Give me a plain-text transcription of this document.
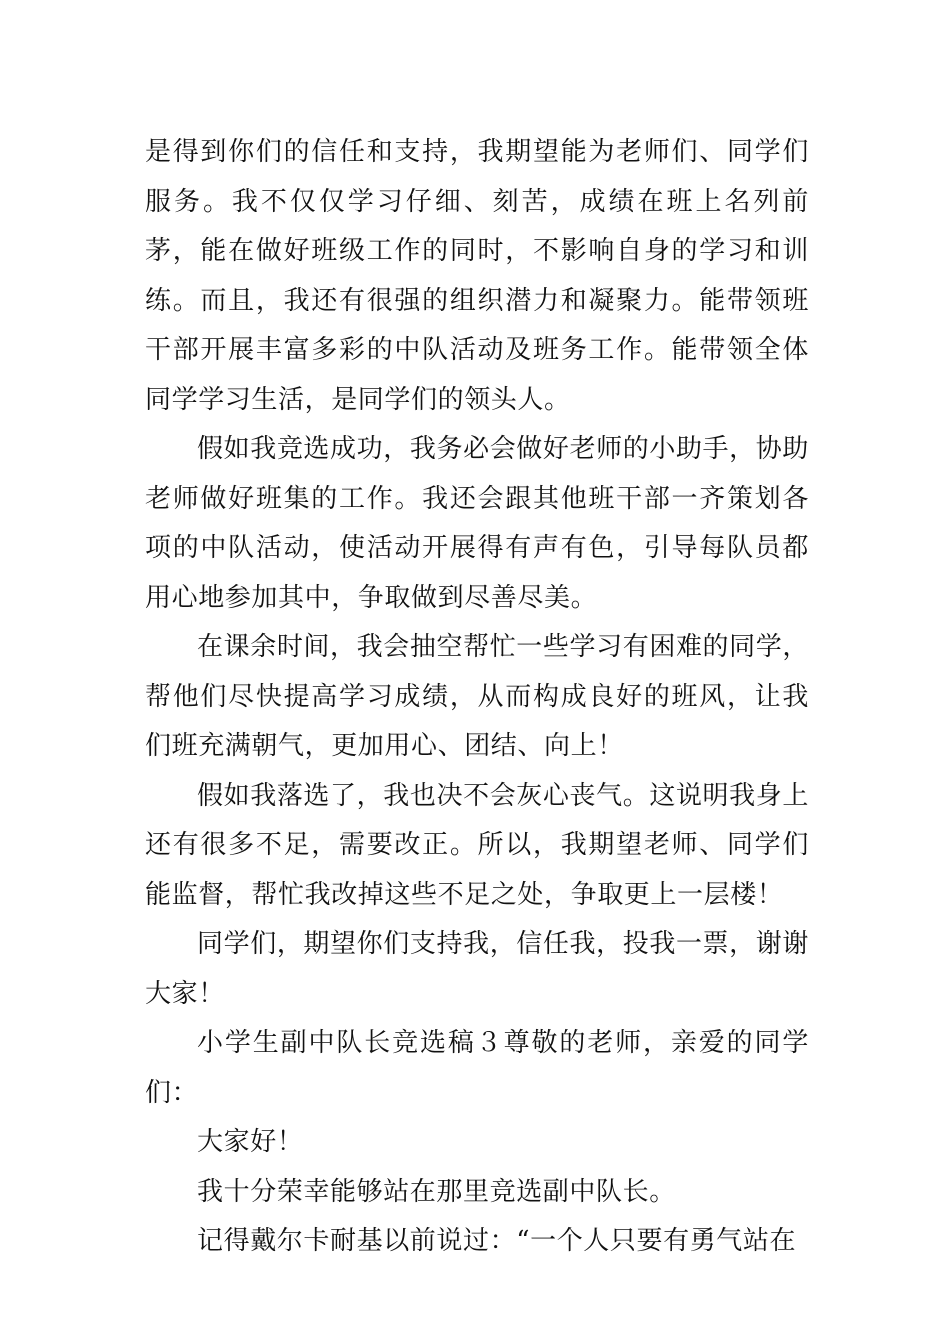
是得到你们的信任和支持，我期望能为老师们、同学们服务。我不仅仅学习仔细、刻苦，成绩在班上名列前茅，能在做好班级工作的同时，不影响自身的学习和训练。而且，我还有很强的组织潜力和凝聚力。能带领班干部开展丰富多彩的中队活动及班务工作。能带领全体同学学习生活，是同学们的领头人。

假如我竞选成功，我务必会做好老师的小助手，协助老师做好班集的工作。我还会跟其他班干部一齐策划各项的中队活动，使活动开展得有声有色，引导每队员都用心地参加其中，争取做到尽善尽美。

在课余时间，我会抽空帮忙一些学习有困难的同学，帮他们尽快提高学习成绩，从而构成良好的班风，让我们班充满朝气，更加用心、团结、向上！

假如我落选了，我也决不会灰心丧气。这说明我身上还有很多不足，需要改正。所以，我期望老师、同学们能监督，帮忙我改掉这些不足之处，争取更上一层楼！

同学们，期望你们支持我，信任我，投我一票，谢谢大家！

小学生副中队长竞选稿３尊敬的老师，亲爱的同学们：

大家好！

我十分荣幸能够站在那里竞选副中队长。

记得戴尔卡耐基以前说过：“一个人只要有勇气站在
